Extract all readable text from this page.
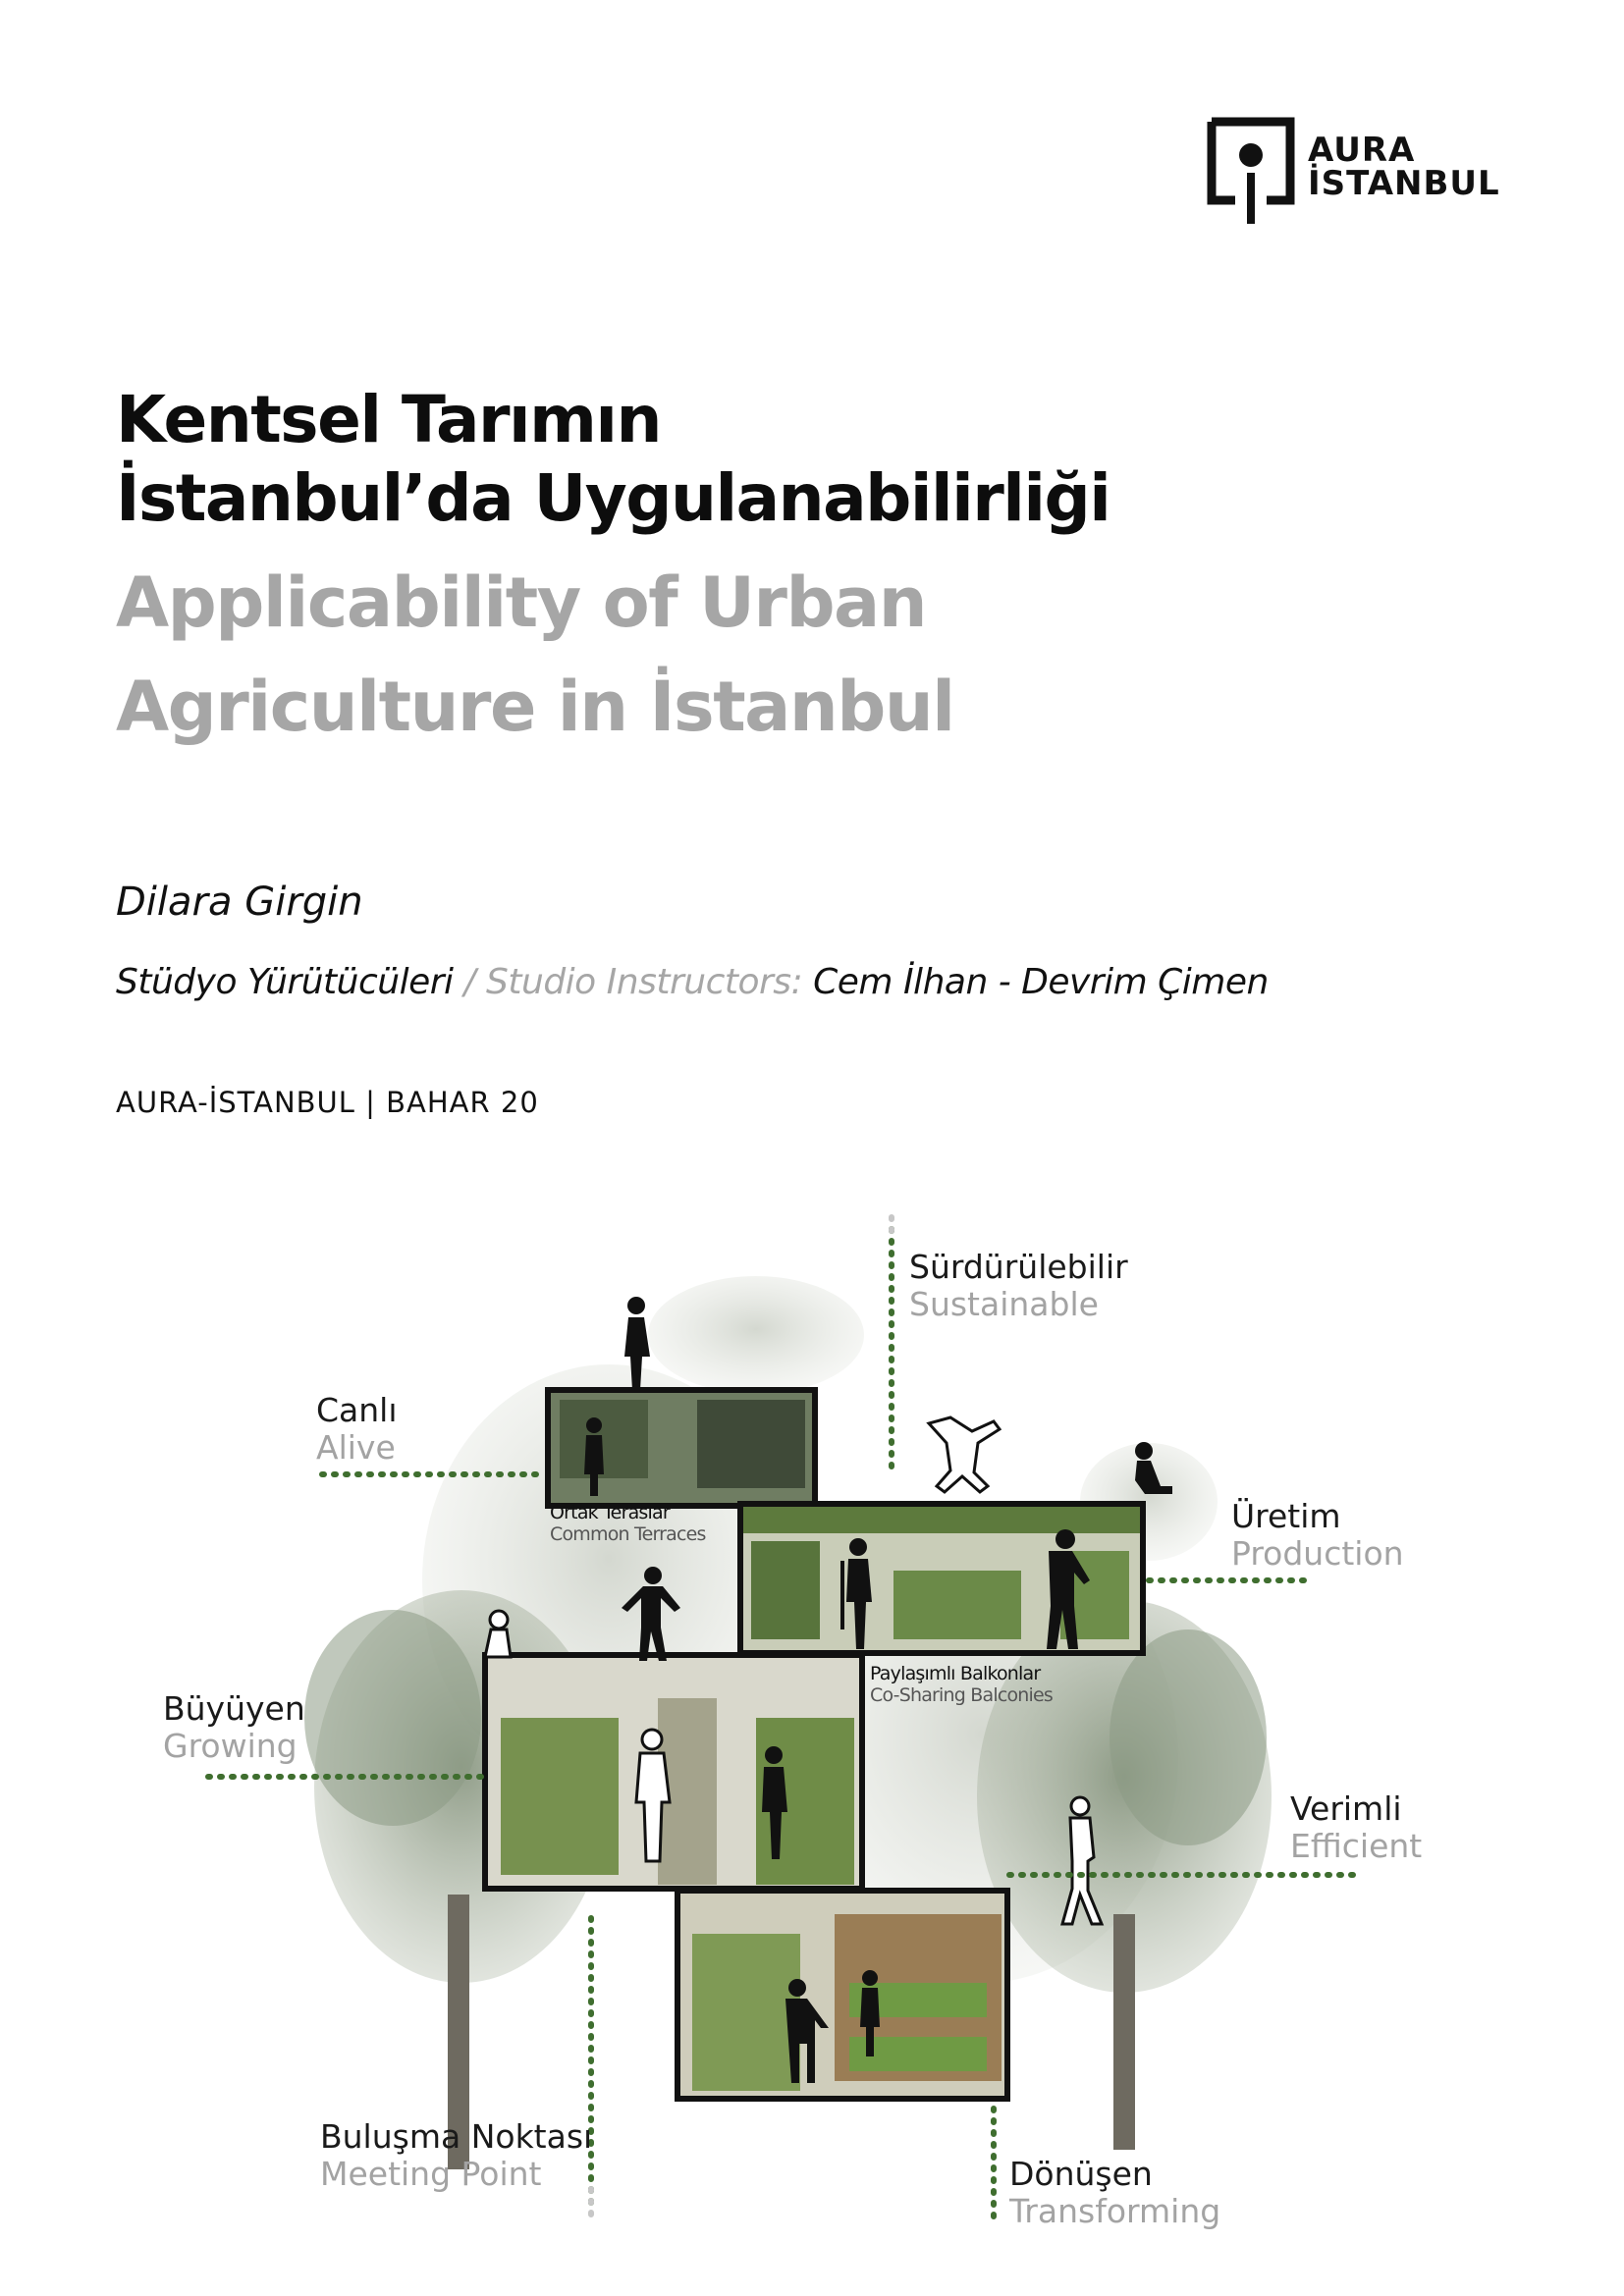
AURA
İSTANBUL
Kentsel Tarımın
İstanbul’da Uygulanabilirliği
Applicability of Urban
Agriculture in İstanbul
Dilara Girgin
Stüdyo Yürütücüleri / Studio Instructors: Cem İlhan - Devrim Çimen
AURA-İSTANBUL | BAHAR 20
Sürdürülebilir
Sustainable
Canlı
Alive
Üretim
Production
Büyüyen
Growing
Verimli
Efficient
Buluşma Noktası
Meeting Point	Dönüşen
Transforming
Ortak Teraslar
Common Terraces
Paylaşımlı Balkonlar
Co-Sharing Balconies
